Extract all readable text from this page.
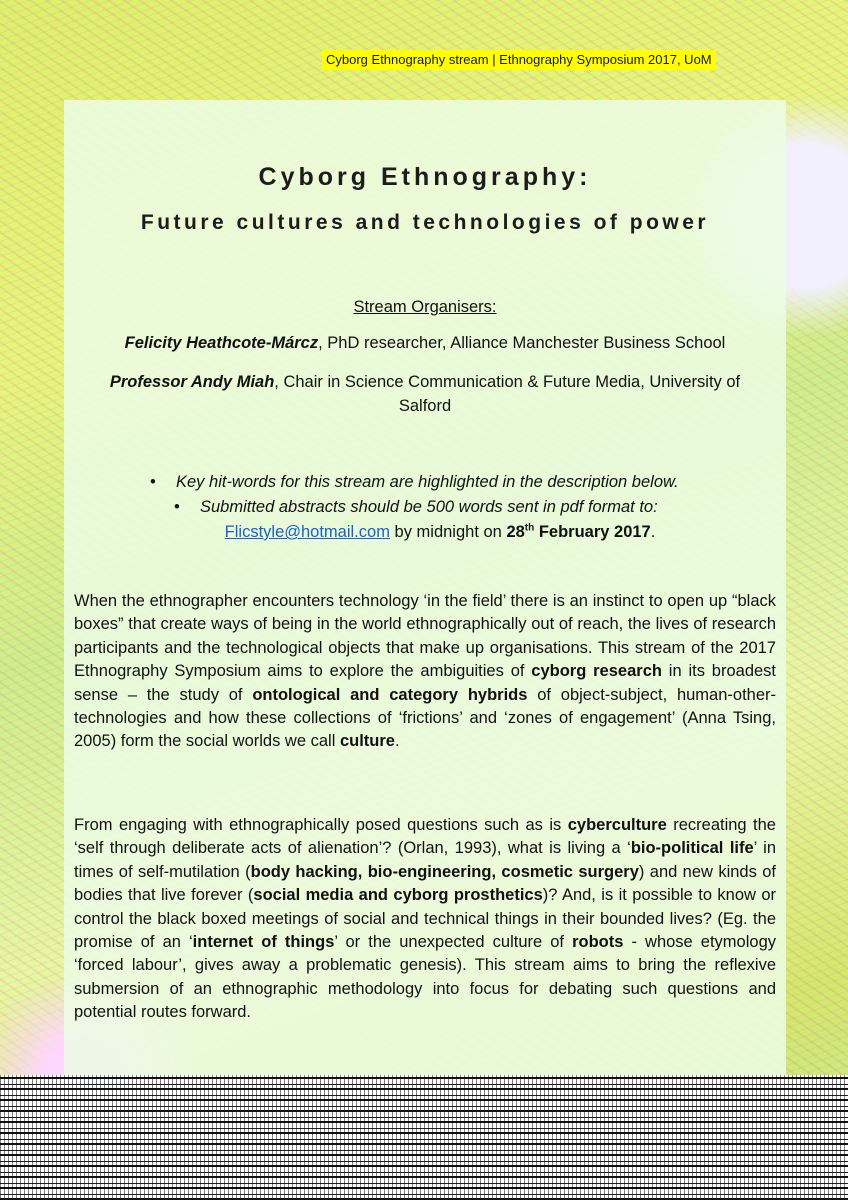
Cyborg Ethnography stream | Ethnography Symposium 2017, UoM
Cyborg Ethnography:
Future cultures and technologies of power
Stream Organisers:
Felicity Heathcote-Márcz, PhD researcher, Alliance Manchester Business School
Professor Andy Miah, Chair in Science Communication & Future Media, University of Salford
•	Key hit-words for this stream are highlighted in the description below.
•	Submitted abstracts should be 500 words sent in pdf format to:
Flicstyle@hotmail.com by midnight on 28th February 2017.
When the ethnographer encounters technology ‘in the field’ there is an instinct to open up “black boxes” that create ways of being in the world ethnographically out of reach, the lives of research participants and the technological objects that make up organisations. This stream of the 2017 Ethnography Symposium aims to explore the ambiguities of cyborg research in its broadest sense – the study of ontological and category hybrids of object-subject, human-other-technologies and how these collections of ‘frictions’ and ‘zones of engagement’ (Anna Tsing, 2005) form the social worlds we call culture.
From engaging with ethnographically posed questions such as is cyberculture recreating the ‘self through deliberate acts of alienation’? (Orlan, 1993), what is living a ‘bio-political life’ in times of self-mutilation (body hacking, bio-engineering, cosmetic surgery) and new kinds of bodies that live forever (social media and cyborg prosthetics)? And, is it possible to know or control the black boxed meetings of social and technical things in their bounded lives? (Eg. the promise of an ‘internet of things’ or the unexpected culture of robots - whose etymology ‘forced labour’, gives away a problematic genesis). This stream aims to bring the reflexive submersion of an ethnographic methodology into focus for debating such questions and potential routes forward.
